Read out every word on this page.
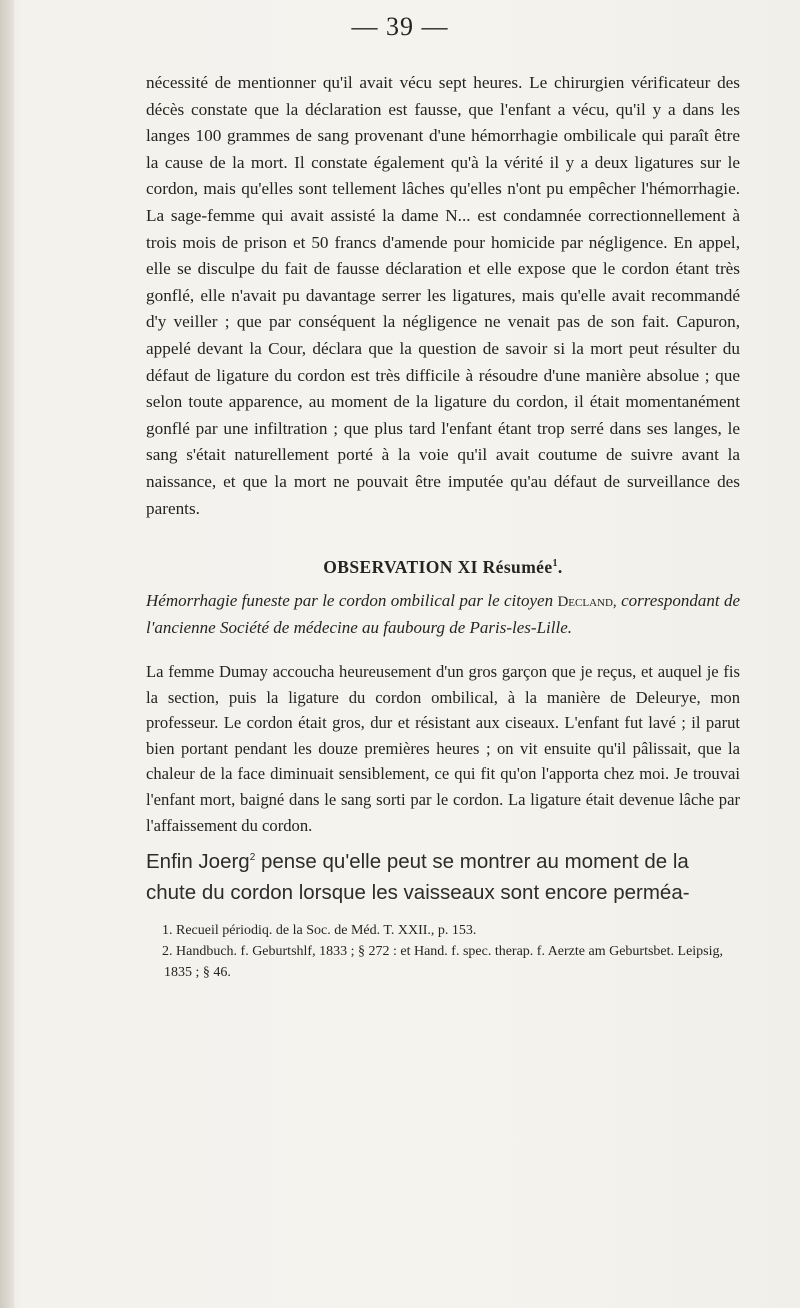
— 39 —

nécessité de mentionner qu'il avait vécu sept heures. Le chirurgien vérificateur des décès constate que la déclaration est fausse, que l'enfant a vécu, qu'il y a dans les langes 100 grammes de sang provenant d'une hémorrhagie ombilicale qui paraît être la cause de la mort. Il constate également qu'à la vérité il y a deux ligatures sur le cordon, mais qu'elles sont tellement lâches qu'elles n'ont pu empêcher l'hémorrhagie. La sage-femme qui avait assisté la dame N... est condamnée correctionnellement à trois mois de prison et 50 francs d'amende pour homicide par négligence. En appel, elle se disculpe du fait de fausse déclaration et elle expose que le cordon étant très gonflé, elle n'avait pu davantage serrer les ligatures, mais qu'elle avait recommandé d'y veiller ; que par conséquent la négligence ne venait pas de son fait. Capuron, appelé devant la Cour, déclara que la question de savoir si la mort peut résulter du défaut de ligature du cordon est très difficile à résoudre d'une manière absolue ; que selon toute apparence, au moment de la ligature du cordon, il était momentanément gonflé par une infiltration ; que plus tard l'enfant étant trop serré dans ses langes, le sang s'était naturellement porté à la voie qu'il avait coutume de suivre avant la naissance, et que la mort ne pouvait être imputée qu'au défaut de surveillance des parents.

OBSERVATION XI Résumée$^1$.

Hémorrhagie funeste par le cordon ombilical par le citoyen Decland, correspondant de l'ancienne Société de médecine au faubourg de Paris-les-Lille.

La femme Dumay accoucha heureusement d'un gros garçon que je reçus, et auquel je fis la section, puis la ligature du cordon ombilical, à la manière de Deleurye, mon professeur. Le cordon était gros, dur et résistant aux ciseaux. L'enfant fut lavé ; il parut bien portant pendant les douze premières heures ; on vit ensuite qu'il pâlissait, que la chaleur de la face diminuait sensiblement, ce qui fit qu'on l'apporta chez moi. Je trouvai l'enfant mort, baigné dans le sang sorti par le cordon. La ligature était devenue lâche par l'affaissement du cordon.

Enfin Joerg$^2$ pense qu'elle peut se montrer au moment de la chute du cordon lorsque les vaisseaux sont encore perméa-

1. Recueil périodiq. de la Soc. de Méd. T. XXII., p. 153.

2. Handbuch. f. Geburtshlf, 1833 ; § 272 : et Hand. f. spec. therap. f. Aerzte am Geburtsbet. Leipsig, 1835 ; § 46.
